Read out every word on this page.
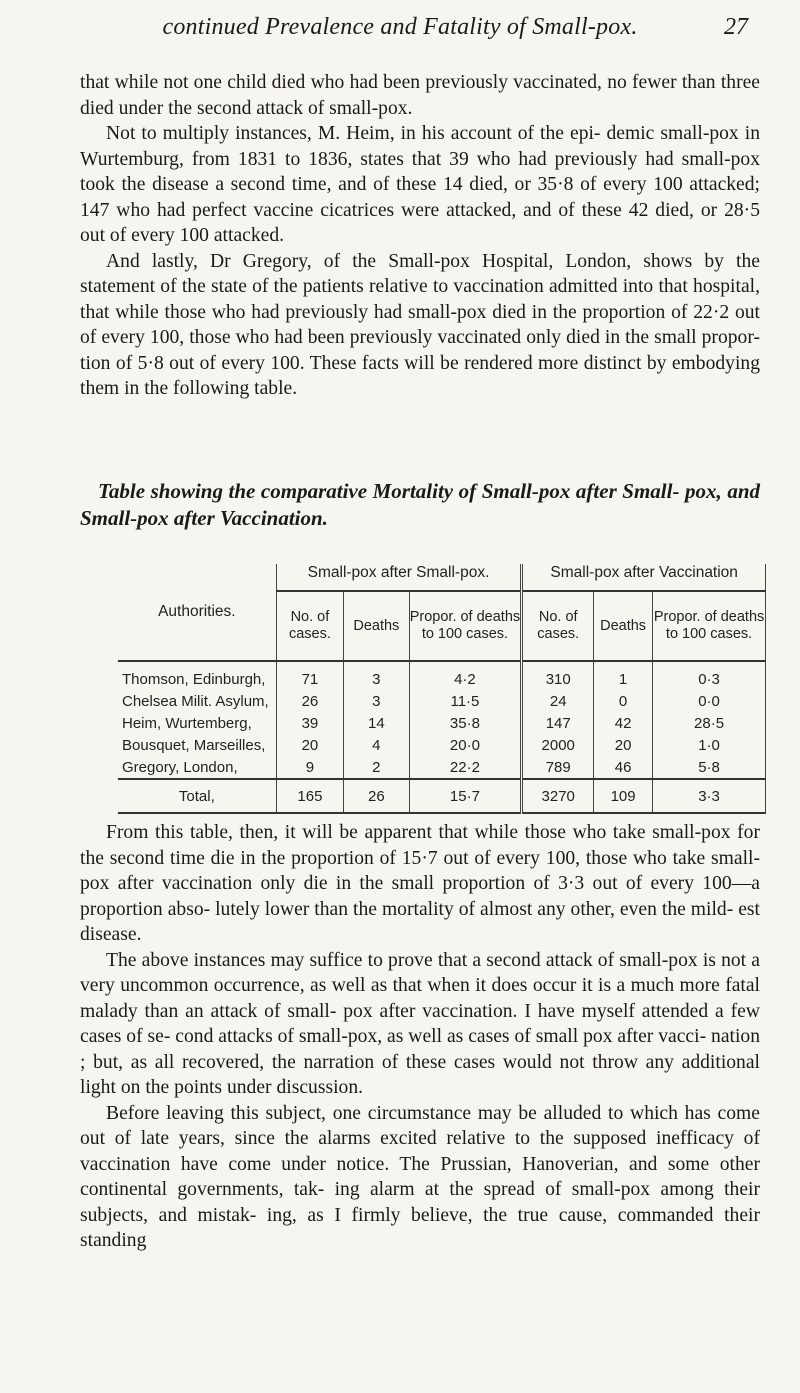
continued Prevalence and Fatality of Small-pox.	27

that while not one child died who had been previously vaccinated, no fewer than three died under the second attack of small-pox.

Not to multiply instances, M. Heim, in his account of the epi- demic small-pox in Wurtemburg, from 1831 to 1836, states that 39 who had previously had small-pox took the disease a second time, and of these 14 died, or 35·8 of every 100 attacked; 147 who had perfect vaccine cicatrices were attacked, and of these 42 died, or 28·5 out of every 100 attacked.

And lastly, Dr Gregory, of the Small-pox Hospital, London, shows by the statement of the state of the patients relative to vaccination admitted into that hospital, that while those who had previously had small-pox died in the proportion of 22·2 out of every 100, those who had been previously vaccinated only died in the small propor- tion of 5·8 out of every 100. These facts will be rendered more distinct by embodying them in the following table.

Table showing the comparative Mortality of Small-pox after Small- pox, and Small-pox after Vaccination.
Authorities.	Small-pox after Small-pox.			Small-pox after Vaccination		
	No. of cases.	Deaths	Propor. of deaths to 100 cases.	No. of cases.	Deaths	Propor. of deaths to 100 cases.
Thomson, Edinburgh,	71	3	4·2	310	1	0·3
Chelsea Milit. Asylum,	26	3	11·5	24	0	0·0
Heim, Wurtemberg,	39	14	35·8	147	42	28·5
Bousquet, Marseilles,	20	4	20·0	2000	20	1·0
Gregory, London,	9	2	22·2	789	46	5·8
Total,	165	26	15·7	3270	109	3·3

From this table, then, it will be apparent that while those who take small-pox for the second time die in the proportion of 15·7 out of every 100, those who take small-pox after vaccination only die in the small proportion of 3·3 out of every 100—a proportion abso- lutely lower than the mortality of almost any other, even the mild- est disease.

The above instances may suffice to prove that a second attack of small-pox is not a very uncommon occurrence, as well as that when it does occur it is a much more fatal malady than an attack of small- pox after vaccination. I have myself attended a few cases of se- cond attacks of small-pox, as well as cases of small pox after vacci- nation ; but, as all recovered, the narration of these cases would not throw any additional light on the points under discussion.

Before leaving this subject, one circumstance may be alluded to which has come out of late years, since the alarms excited relative to the supposed inefficacy of vaccination have come under notice. The Prussian, Hanoverian, and some other continental governments, tak- ing alarm at the spread of small-pox among their subjects, and mistak- ing, as I firmly believe, the true cause, commanded their standing
